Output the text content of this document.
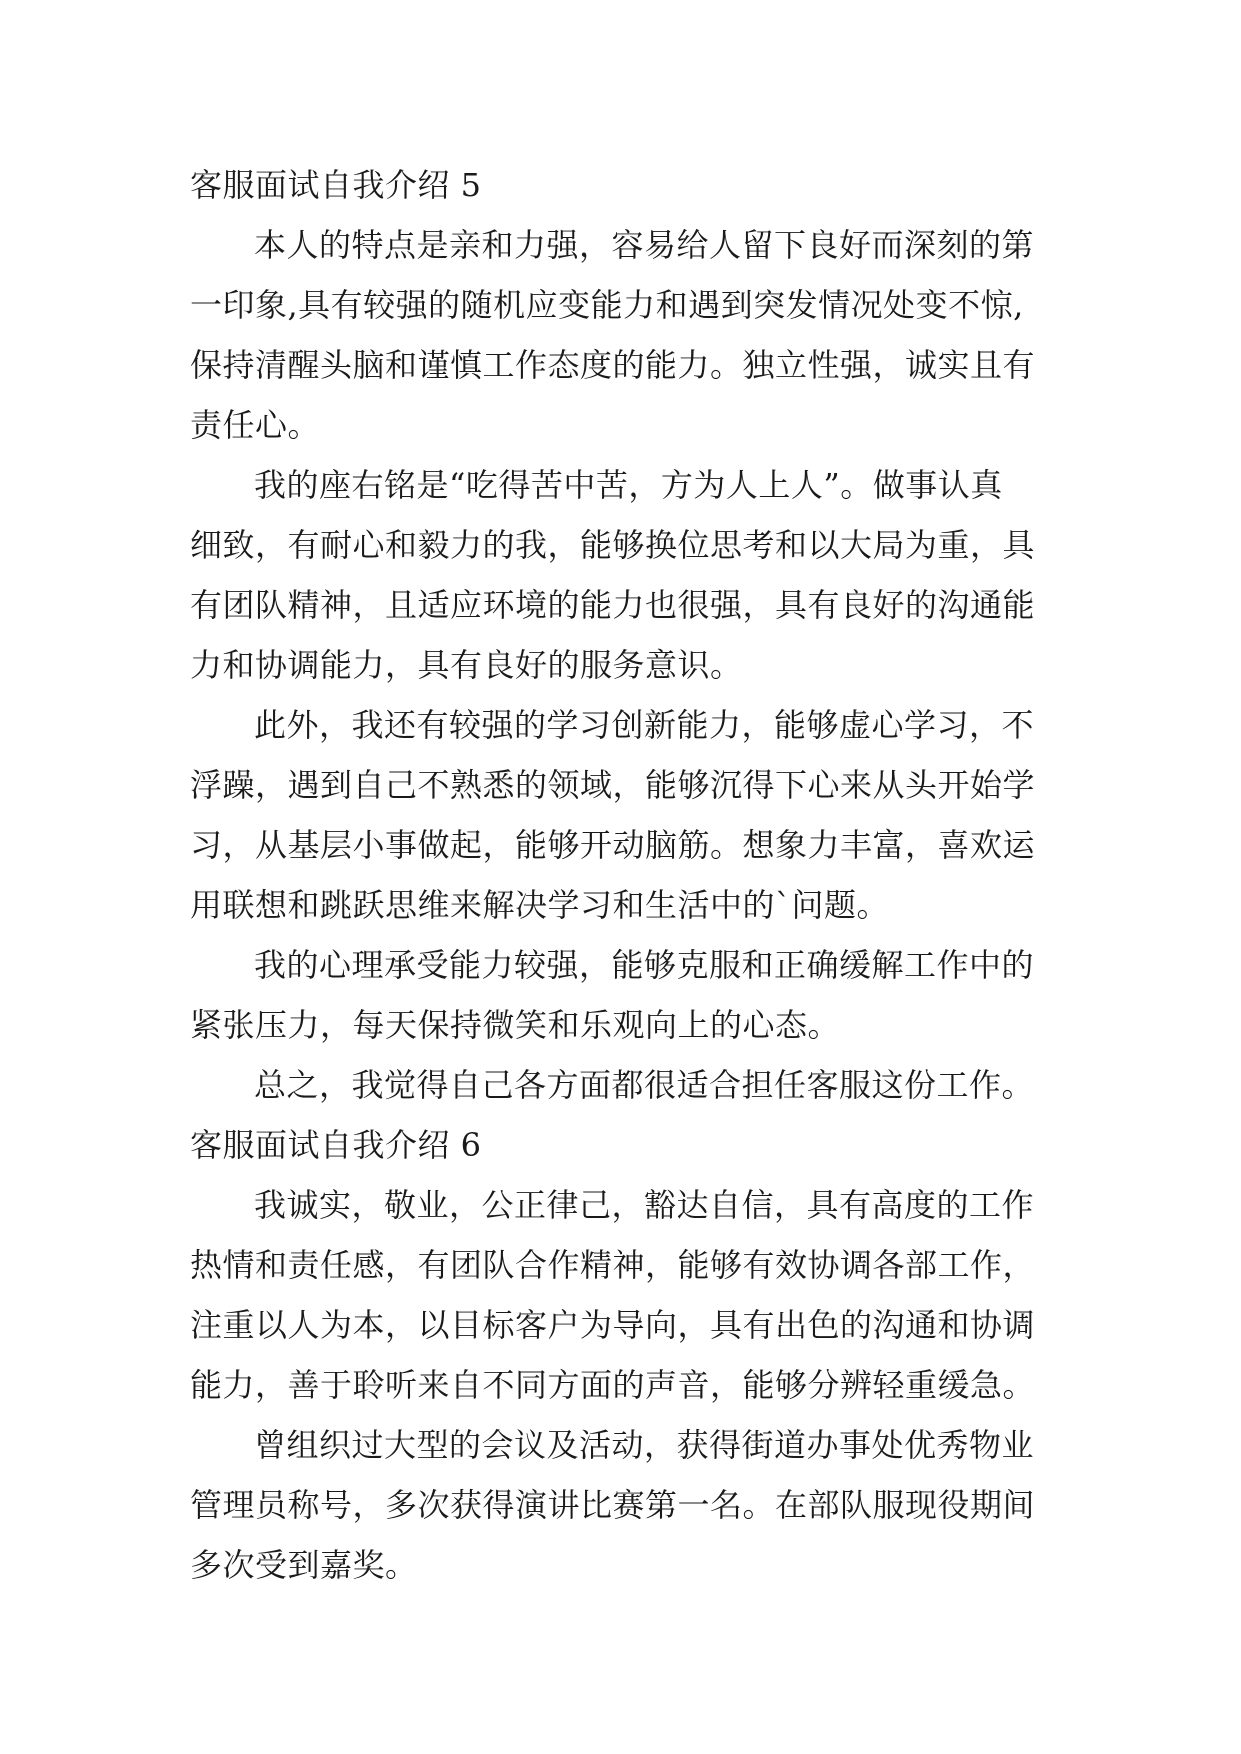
客服面试自我介绍 5
本人的特点是亲和力强，容易给人留下良好而深刻的第
一印象,具有较强的随机应变能力和遇到突发情况处变不惊,
保持清醒头脑和谨慎工作态度的能力。独立性强，诚实且有
责任心。
我的座右铭是“吃得苦中苦，方为人上人”。做事认真
细致，有耐心和毅力的我，能够换位思考和以大局为重，具
有团队精神，且适应环境的能力也很强，具有良好的沟通能
力和协调能力，具有良好的服务意识。
此外，我还有较强的学习创新能力，能够虚心学习，不
浮躁，遇到自己不熟悉的领域，能够沉得下心来从头开始学
习，从基层小事做起，能够开动脑筋。想象力丰富，喜欢运
用联想和跳跃思维来解决学习和生活中的`问题。
我的心理承受能力较强，能够克服和正确缓解工作中的
紧张压力，每天保持微笑和乐观向上的心态。
总之，我觉得自己各方面都很适合担任客服这份工作。
客服面试自我介绍 6
我诚实，敬业，公正律己，豁达自信，具有高度的工作
热情和责任感，有团队合作精神，能够有效协调各部工作，
注重以人为本，以目标客户为导向，具有出色的沟通和协调
能力，善于聆听来自不同方面的声音，能够分辨轻重缓急。
曾组织过大型的会议及活动，获得街道办事处优秀物业
管理员称号，多次获得演讲比赛第一名。在部队服现役期间
多次受到嘉奖。
